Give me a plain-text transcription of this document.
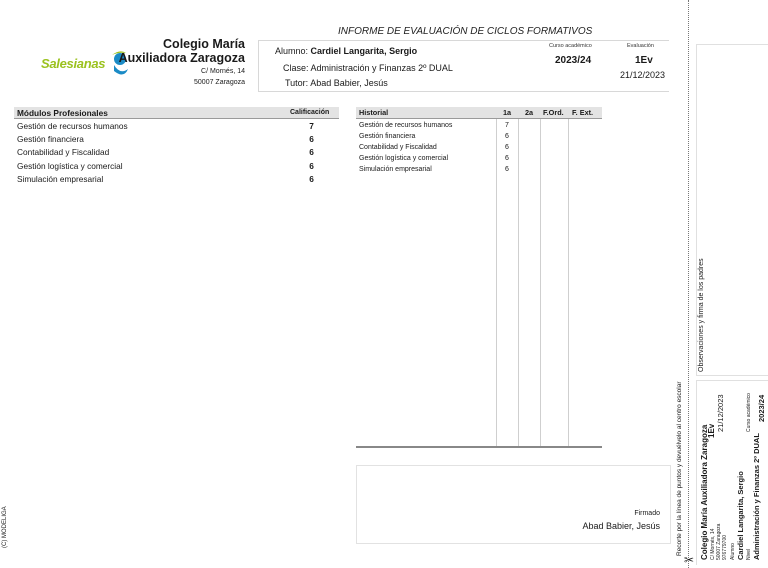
INFORME DE EVALUACIÓN DE CICLOS FORMATIVOS
Salesianas
Colegio María
Auxiliadora Zaragoza
C/ Mornés, 14
50007 Zaragoza
Alumno: Cardiel Langarita, Sergio
Clase: Administración y Finanzas 2º DUAL
Tutor: Abad Babier, Jesús
Curso académico
2023/24
Evaluación
1Ev
21/12/2023
Módulos Profesionales	Calificación
Gestión de recursos humanos	7
Gestión financiera	6
Contabilidad y Fiscalidad	6
Gestión logística y comercial	6
Simulación empresarial	6
Historial	1a 2a F.Ord. F. Ext.
Gestión de recursos humanos	7
Gestión financiera	6
Contabilidad y Fiscalidad	6
Gestión logística y comercial	6
Simulación empresarial	6
Firmado
Abad Babier, Jesús
(C) MODELIGA
Observaciones y firma de los padres
Recorte por la línea de puntos y devuélvelo al centro escolar
✂ Colegio María Auxiliadora Zaragoza C/ Mornés, 14 50007 Zaragoza 976779700
1Ev 21/12/2023
Alumno Cardiel Langarita, Sergio Nivel Administración y Finanzas 2º DUAL
Curso académico 2023/24
